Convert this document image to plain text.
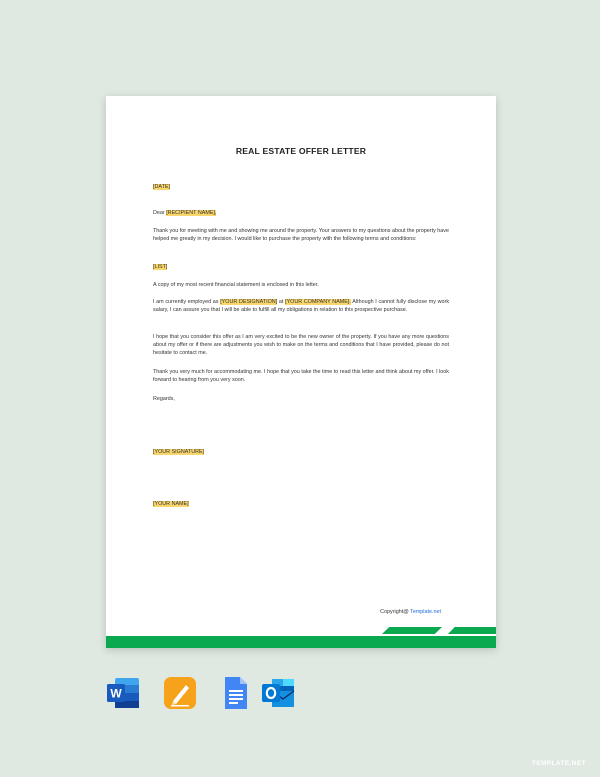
REAL ESTATE OFFER LETTER

[DATE]

Dear [RECIPIENT NAME],

Thank you for meeting with me and showing me around the property. Your answers to my questions about the property have helped me greatly in my decision. I would like to purchase the property with the following terms and conditions:

[LIST]

A copy of my most recent financial statement is enclosed in this letter.

I am currently employed as [YOUR DESIGNATION] at [YOUR COMPANY NAME]. Although I cannot fully disclose my work salary, I can assure you that I will be able to fulfill all my obligations in relation to this prospective purchase.

I hope that you consider this offer as I am very excited to be the new owner of the property. If you have any more questions about my offer or if there are adjustments you wish to make on the terms and conditions that I have provided, please do not hesitate to contact me.

Thank you very much for accommodating me. I hope that you take the time to read this letter and think about my offer. I look forward to hearing from you very soon.

Regards,

[YOUR SIGNATURE]

[YOUR NAME]

Copyright@ Template.net
W
TEMPLATE.NET
